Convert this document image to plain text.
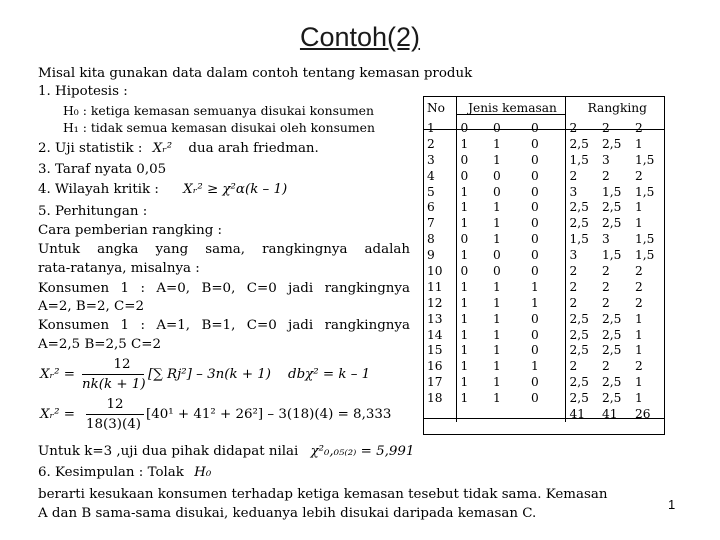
Contoh(2)
Misal kita gunakan data dalam contoh tentang kemasan produk
1. Hipotesis :
H₀ : ketiga kemasan semuanya disukai konsumen
H₁ : tidak semua kemasan disukai oleh konsumen
2. Uji statistik : Xᵣ² dua arah friedman.
3. Taraf nyata 0,05
4. Wilayah kritik : Xᵣ² ≥ χ²α(k – 1)
5. Perhitungan :
Cara pemberian rangking :
Untuk angka yang sama, rangkingnya adalah
rata-ratanya, misalnya :
Konsumen 1 : A=0, B=0, C=0 jadi rangkingnya
A=2, B=2, C=2
Konsumen 1 : A=1, B=1, C=0 jadi rangkingnya
A=2,5 B=2,5 C=2
Xᵣ² =
12
nk(k + 1)
[∑ Rj²] – 3n(k + 1) dbχ² = k – 1
Xᵣ² =
12
18(3)(4)
[40¹ + 41² + 26²] – 3(18)(4) = 8,333
Untuk k=3 ,uji dua pihak didapat nilai χ²₀,₀₅₍₂₎ = 5,991
6. Kesimpulan : Tolak H₀
berarti kesukaan konsumen terhadap ketiga kemasan tesebut tidak sama. Kemasan
A dan B sama-sama disukai, keduanya lebih disukai daripada kemasan C.
No	Jenis kemasan			Rangking		
1	0	0	0	2	2	2
2	1	1	0	2,5	2,5	1
3	0	1	0	1,5	3	1,5
4	0	0	0	2	2	2
5	1	0	0	3	1,5	1,5
6	1	1	0	2,5	2,5	1
7	1	1	0	2,5	2,5	1
8	0	1	0	1,5	3	1,5
9	1	0	0	3	1,5	1,5
10	0	0	0	2	2	2
11	1	1	1	2	2	2
12	1	1	1	2	2	2
13	1	1	0	2,5	2,5	1
14	1	1	0	2,5	2,5	1
15	1	1	0	2,5	2,5	1
16	1	1	1	2	2	2
17	1	1	0	2,5	2,5	1
18	1	1	0	2,5	2,5	1
				41	41	26
1
